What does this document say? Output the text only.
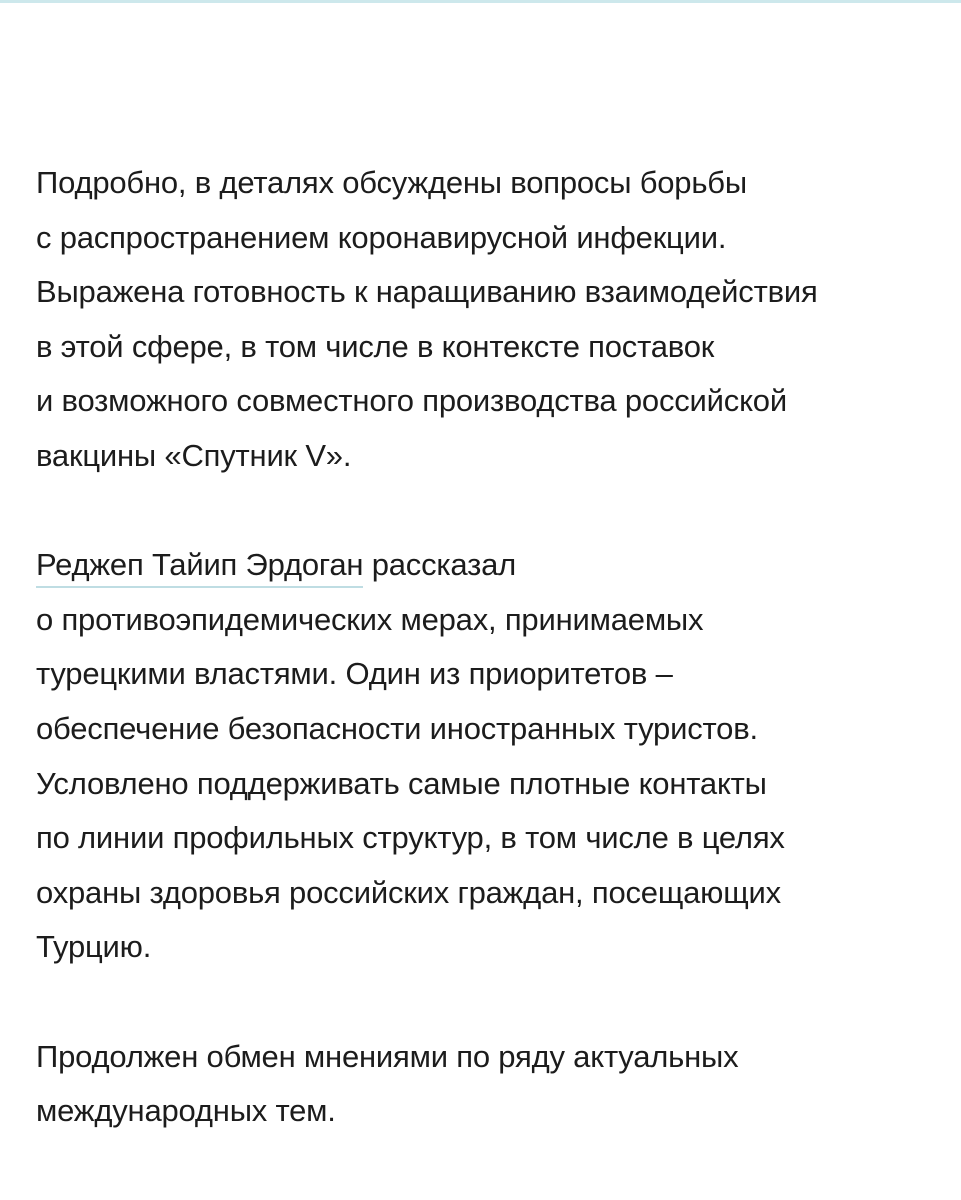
Подробно, в деталях обсуждены вопросы борьбы
с распространением коронавирусной инфекции.
Выражена готовность к наращиванию взаимодействия
в этой сфере, в том числе в контексте поставок
и возможного совместного производства российской
вакцины «Спутник V».

Реджеп Тайип Эрдоган рассказал
о противоэпидемических мерах, принимаемых
турецкими властями. Один из приоритетов –
обеспечение безопасности иностранных туристов.
Условлено поддерживать самые плотные контакты
по линии профильных структур, в том числе в целях
охраны здоровья российских граждан, посещающих
Турцию.

Продолжен обмен мнениями по ряду актуальных
международных тем.
